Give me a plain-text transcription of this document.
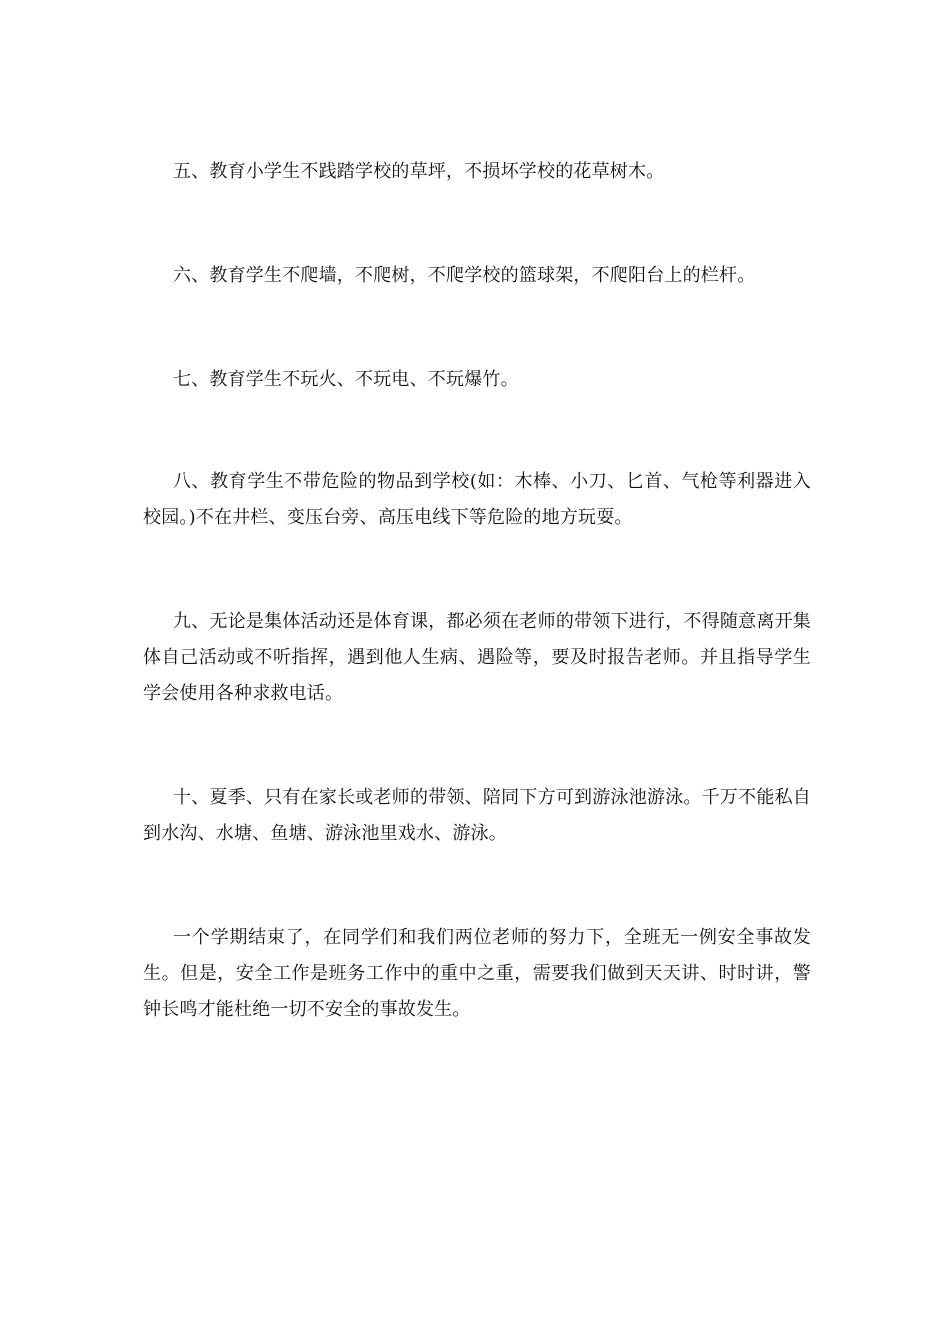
五、教育小学生不践踏学校的草坪，不损坏学校的花草树木。

六、教育学生不爬墙，不爬树，不爬学校的篮球架，不爬阳台上的栏杆。

七、教育学生不玩火、不玩电、不玩爆竹。

八、教育学生不带危险的物品到学校(如：木棒、小刀、匕首、气枪等利器进入校园。)不在井栏、变压台旁、高压电线下等危险的地方玩耍。

九、无论是集体活动还是体育课，都必须在老师的带领下进行，不得随意离开集体自己活动或不听指挥，遇到他人生病、遇险等，要及时报告老师。并且指导学生学会使用各种求救电话。

十、夏季、只有在家长或老师的带领、陪同下方可到游泳池游泳。千万不能私自到水沟、水塘、鱼塘、游泳池里戏水、游泳。

一个学期结束了，在同学们和我们两位老师的努力下，全班无一例安全事故发生。但是，安全工作是班务工作中的重中之重，需要我们做到天天讲、时时讲，警钟长鸣才能杜绝一切不安全的事故发生。
